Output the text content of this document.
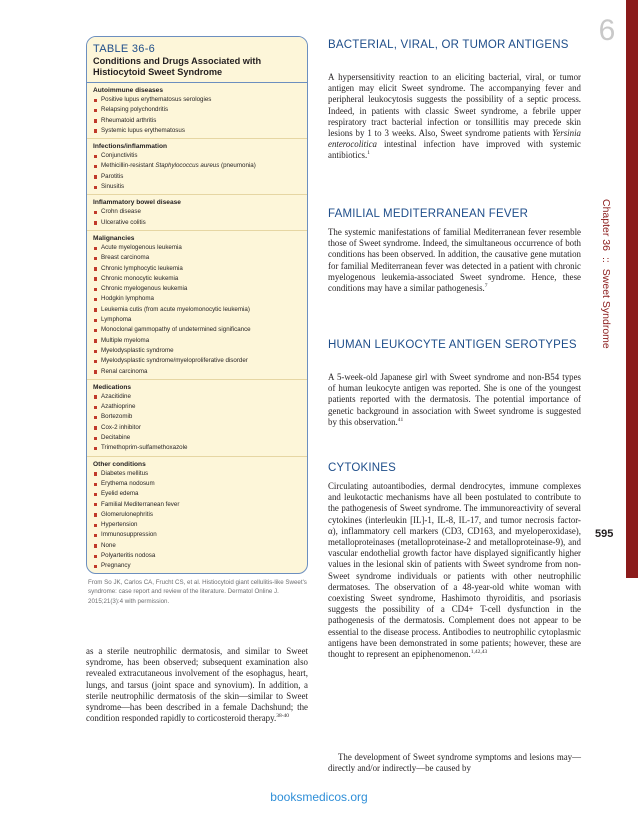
6
Chapter 36::Sweet Syndrome
595
TABLE 36-6
Conditions and Drugs Associated with Histiocytoid Sweet Syndrome
Autoimmune diseases
Positive lupus erythematosus serologies
Relapsing polychondritis
Rheumatoid arthritis
Systemic lupus erythematosus
Infections/inflammation
Conjunctivitis
Methicillin-resistant Staphylococcus aureus (pneumonia)
Parotitis
Sinusitis
Inflammatory bowel disease
Crohn disease
Ulcerative colitis
Malignancies
Acute myelogenous leukemia
Breast carcinoma
Chronic lymphocytic leukemia
Chronic monocytic leukemia
Chronic myelogenous leukemia
Hodgkin lymphoma
Leukemia cutis (from acute myelomonocytic leukemia)
Lymphoma
Monoclonal gammopathy of undetermined significance
Multiple myeloma
Myelodysplastic syndrome
Myelodysplastic syndrome/myeloproliferative disorder
Renal carcinoma
Medications
Azacitidine
Azathioprine
Bortezomib
Cox-2 inhibitor
Decitabine
Trimethoprim-sulfamethoxazole
Other conditions
Diabetes mellitus
Erythema nodosum
Eyelid edema
Familial Mediterranean fever
Glomerulonephritis
Hypertension
Immunosuppression
None
Polyarteritis nodosa
Pregnancy
From So JK, Carlos CA, Frucht CS, et al. Histiocytoid giant cellulitis-like Sweet's syndrome: case report and review of the literature. Dermatol Online J. 2015;21(3):4 with permission.
as a sterile neutrophilic dermatosis, and similar to Sweet syndrome, has been observed; subsequent examination also revealed extracutaneous involvement of the esophagus, heart, lungs, and tarsus (joint space and synovium). In addition, a sterile neutrophilic dermatosis of the skin—similar to Sweet syndrome—has been described in a female Dachshund; the condition responded rapidly to corticosteroid therapy.$^{38-40}$
BACTERIAL, VIRAL, OR TUMOR ANTIGENS
A hypersensitivity reaction to an eliciting bacterial, viral, or tumor antigen may elicit Sweet syndrome. The accompanying fever and peripheral leukocytosis suggests the possibility of a septic process. Indeed, in patients with classic Sweet syndrome, a febrile upper respiratory tract bacterial infection or tonsillitis may precede skin lesions by 1 to 3 weeks. Also, Sweet syndrome patients with Yersinia enterocolitica intestinal infection have improved with systemic antibiotics.$^1$
FAMILIAL MEDITERRANEAN FEVER
The systemic manifestations of familial Mediterranean fever resemble those of Sweet syndrome. Indeed, the simultaneous occurrence of both conditions has been observed. In addition, the causative gene mutation for familial Mediterranean fever was detected in a patient with chronic myelogenous leukemia-associated Sweet syndrome. Hence, these conditions may have a similar pathogenesis.$^7$
HUMAN LEUKOCYTE ANTIGEN SEROTYPES
A 5-week-old Japanese girl with Sweet syndrome and non-B54 types of human leukocyte antigen was reported. She is one of the youngest patients reported with the dermatosis. The potential importance of genetic background in association with Sweet syndrome is suggested by this observation.$^{41}$
CYTOKINES
Circulating autoantibodies, dermal dendrocytes, immune complexes and leukotactic mechanisms have all been postulated to contribute to the pathogenesis of Sweet syndrome. The immunoreactivity of several cytokines (interleukin [IL]-1, IL-8, IL-17, and tumor necrosis factor-α), inflammatory cell markers (CD3, CD163, and myeloperoxidase), metalloproteinases (metalloproteinase-2 and metalloproteinase-9), and vascular endothelial growth factor have displayed significantly higher values in the lesional skin of patients with Sweet syndrome from non-Sweet syndrome individuals or patients with other neutrophilic dermatoses. The observation of a 48-year-old white woman with coexisting Sweet syndrome, Hashimoto thyroiditis, and psoriasis suggests the possibility of a CD4+ T-cell dysfunction in the pathogenesis of the dermatosis. Complement does not appear to be essential to the disease process. Antibodies to neutrophilic cytoplasmic antigens have been demonstrated in some patients; however, these are thought to represent an epiphenomenon.$^{1,42,43}$
The development of Sweet syndrome symptoms and lesions may—directly and/or indirectly—be caused by
booksmedicos.org
